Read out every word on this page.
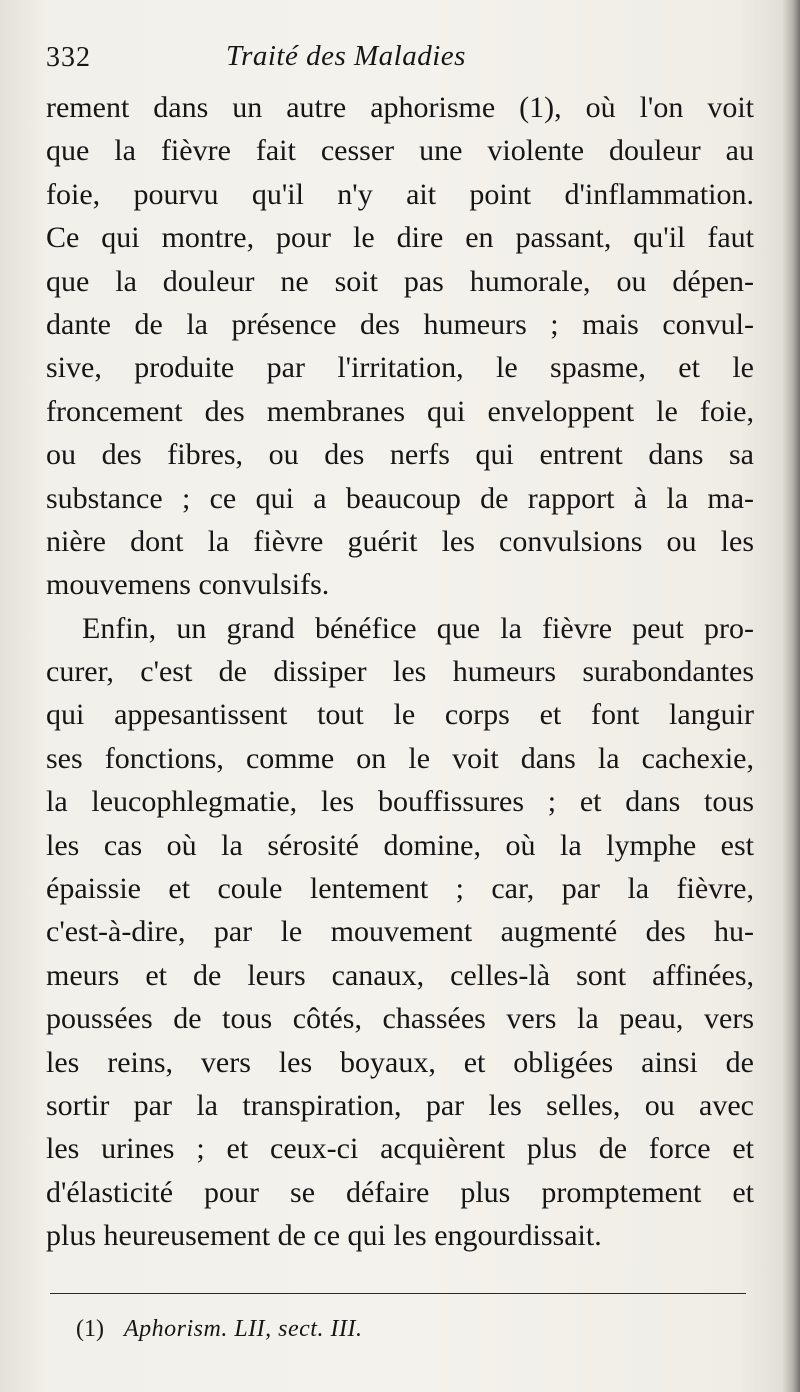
332	Traité des Maladies
rement dans un autre aphorisme (1), où l'on voit
que la fièvre fait cesser une violente douleur au
foie, pourvu qu'il n'y ait point d'inflammation.
Ce qui montre, pour le dire en passant, qu'il faut
que la douleur ne soit pas humorale, ou dépen-
dante de la présence des humeurs ; mais convul-
sive, produite par l'irritation, le spasme, et le
froncement des membranes qui enveloppent le foie,
ou des fibres, ou des nerfs qui entrent dans sa
substance ; ce qui a beaucoup de rapport à la ma-
nière dont la fièvre guérit les convulsions ou les
mouvemens convulsifs.
Enfin, un grand bénéfice que la fièvre peut pro-
curer, c'est de dissiper les humeurs surabondantes
qui appesantissent tout le corps et font languir
ses fonctions, comme on le voit dans la cachexie,
la leucophlegmatie, les bouffissures ; et dans tous
les cas où la sérosité domine, où la lymphe est
épaissie et coule lentement ; car, par la fièvre,
c'est-à-dire, par le mouvement augmenté des hu-
meurs et de leurs canaux, celles-là sont affinées,
poussées de tous côtés, chassées vers la peau, vers
les reins, vers les boyaux, et obligées ainsi de
sortir par la transpiration, par les selles, ou avec
les urines ; et ceux-ci acquièrent plus de force et
d'élasticité pour se défaire plus promptement et
plus heureusement de ce qui les engourdissait.
(1) Aphorism. LII, sect. III.
